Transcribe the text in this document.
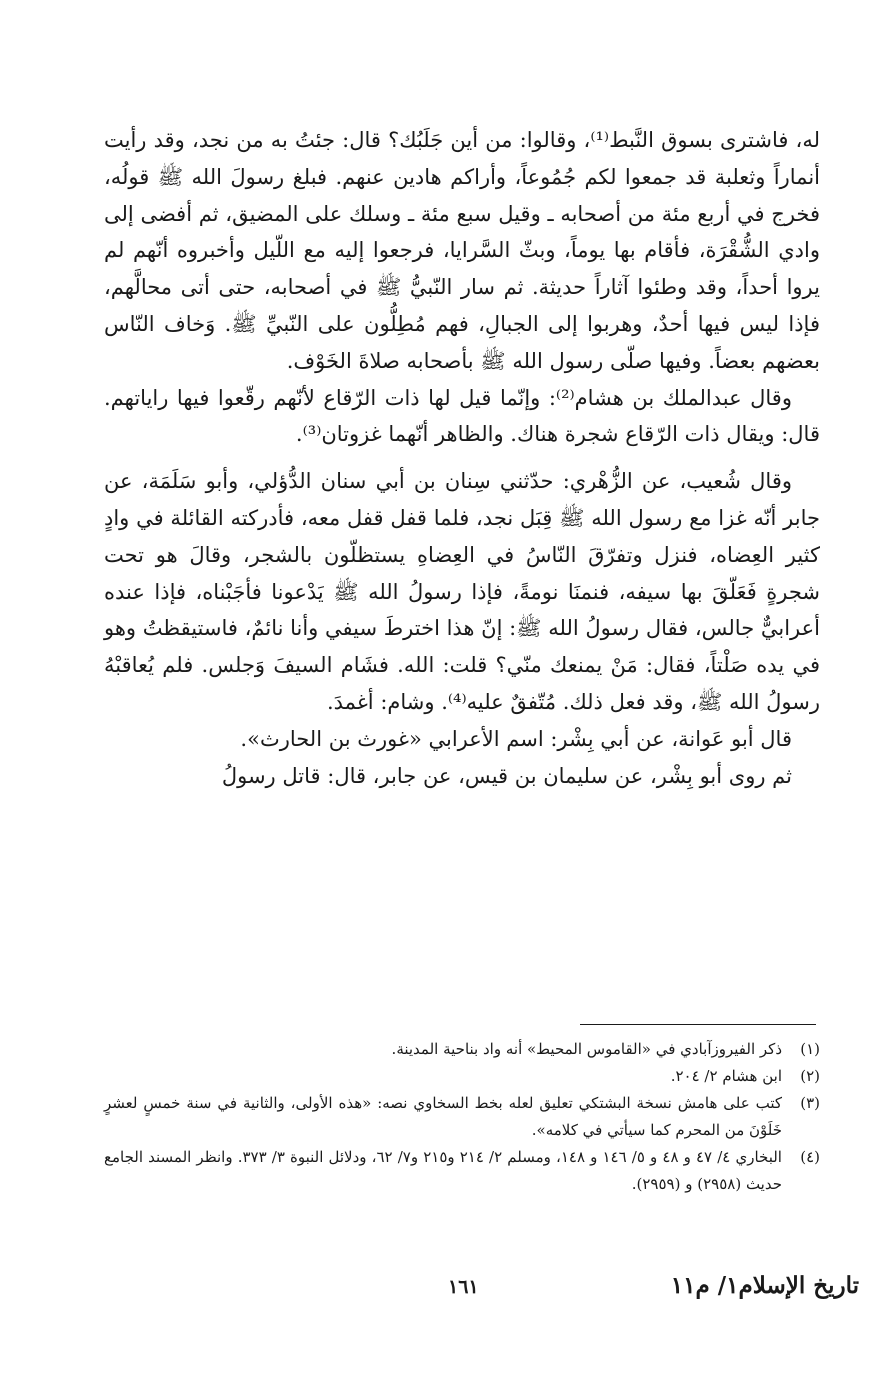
له، فاشترى بسوق النَّبط⁽¹⁾، وقالوا: من أين جَلَبُك؟ قال: جئتُ به من نجد، وقد رأيت أنماراً وثعلبة قد جمعوا لكم جُمُوعاً، وأراكم هادين عنهم. فبلغ رسولَ الله ﷺ قولُه، فخرج في أربع مئة من أصحابه ـ وقيل سبع مئة ـ وسلك على المضيق، ثم أفضى إلى وادي الشُّقْرَة، فأقام بها يوماً، وبثّ السَّرايا، فرجعوا إليه مع اللّيل وأخبروه أنّهم لم يروا أحداً، وقد وطئوا آثاراً حديثة. ثم سار النّبيُّ ﷺ في أصحابه، حتى أتى محالَّهم، فإذا ليس فيها أحدٌ، وهربوا إلى الجبالِ، فهم مُطِلُّون على النّبيِّ ﷺ. وَخاف النّاس بعضهم بعضاً. وفيها صلّى رسول الله ﷺ بأصحابه صلاةَ الخَوْف.

وقال عبدالملك بن هشام⁽²⁾: وإنّما قيل لها ذات الرّقاع لأنّهم رقّعوا فيها راياتهم. قال: ويقال ذات الرّقاع شجرة هناك. والظاهر أنّهما غزوتان⁽³⁾.

وقال شُعيب، عن الزُّهْري: حدّثني سِنان بن أبي سنان الدُّؤلي، وأبو سَلَمَة، عن جابر أنّه غزا مع رسول الله ﷺ قِبَل نجد، فلما قفل قفل معه، فأدركته القائلة في وادٍ كثير العِضاه، فنزل وتفرّقَ النّاسُ في العِضاهِ يستظلّون بالشجر، وقالَ هو تحت شجرةٍ فَعَلّقَ بها سيفه، فنمنَا نومةً، فإذا رسولُ الله ﷺ يَدْعونا فأجَبْناه، فإذا عنده أعرابيٌّ جالس، فقال رسولُ الله ﷺ: إنّ هذا اخترطَ سيفي وأنا نائمٌ، فاستيقظتُ وهو في يده صَلْتاً، فقال: مَنْ يمنعك منّي؟ قلت: الله. فشَام السيفَ وَجلس. فلم يُعاقبْهُ رسولُ الله ﷺ، وقد فعل ذلك. مُتّفقٌ عليه⁽⁴⁾. وشام: أغمدَ.

قال أبو عَوانة، عن أبي بِشْر: اسم الأعرابي «غورث بن الحارث».

ثم روى أبو بِشْر، عن سليمان بن قيس، عن جابر، قال: قاتل رسولُ

(١)
ذكر الفيروزآبادي في «القاموس المحيط» أنه واد بناحية المدينة.
(٢)
ابن هشام ٢/ ٢٠٤.
(٣)
كتب على هامش نسخة البشتكي تعليق لعله بخط السخاوي نصه: «هذه الأولى، والثانية في سنة خمسٍ لعشرٍ خَلَوْنَ من المحرم كما سيأتي في كلامه».
(٤)
البخاري ٤/ ٤٧ و ٤٨ و ٥/ ١٤٦ و ١٤٨، ومسلم ٢/ ٢١٤ و٢١٥ و٧/ ٦٢، ودلائل النبوة ٣/ ٣٧٣. وانظر المسند الجامع حديث (٢٩٥٨) و (٢٩٥٩).
١٦١	تاريخ الإسلام١/ م١١
